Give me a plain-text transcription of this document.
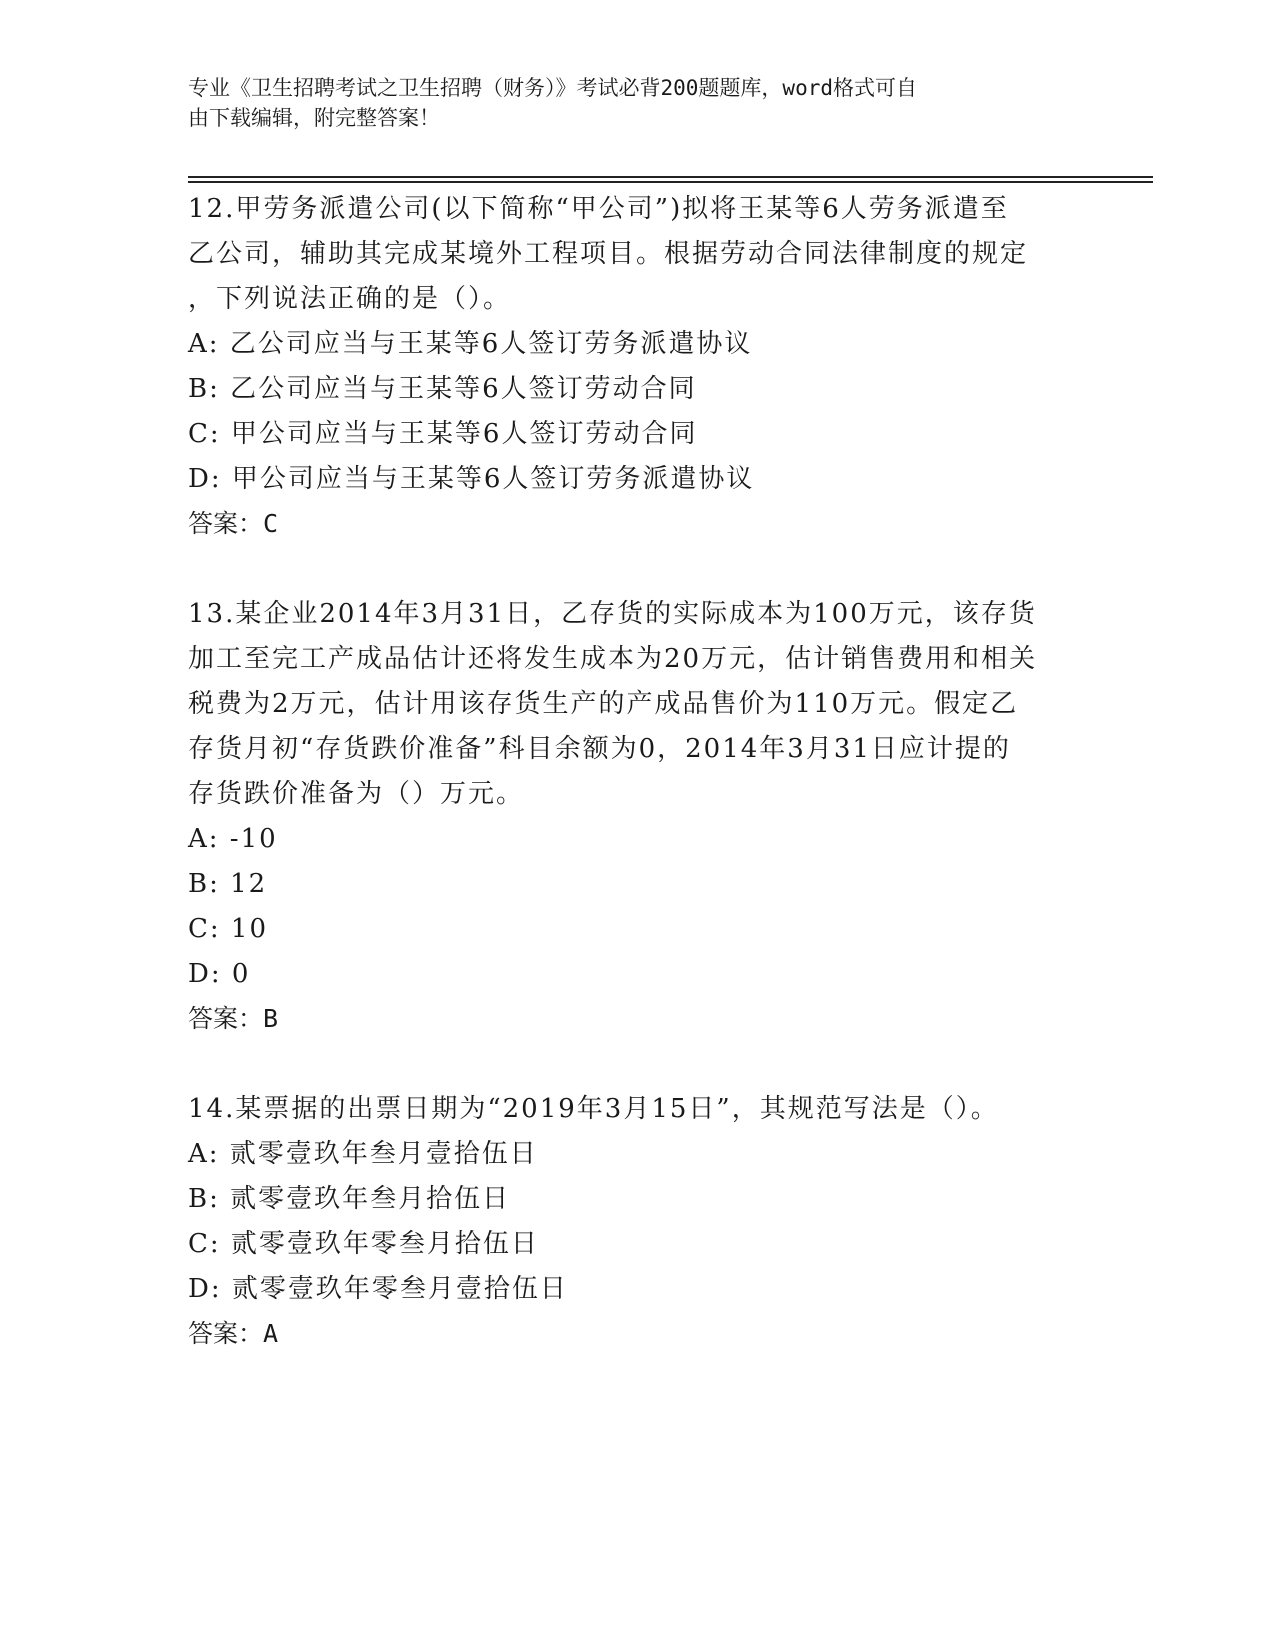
专业《卫生招聘考试之卫生招聘（财务）》考试必背200题题库，word格式可自
由下载编辑，附完整答案！
12.甲劳务派遣公司(以下简称“甲公司”)拟将王某等6人劳务派遣至
乙公司，辅助其完成某境外工程项目。根据劳动合同法律制度的规定
，下列说法正确的是（）。
A: 乙公司应当与王某等6人签订劳务派遣协议
B: 乙公司应当与王某等6人签订劳动合同
C: 甲公司应当与王某等6人签订劳动合同
D: 甲公司应当与王某等6人签订劳务派遣协议
答案：C
13.某企业2014年3月31日，乙存货的实际成本为100万元，该存货
加工至完工产成品估计还将发生成本为20万元，估计销售费用和相关
税费为2万元，估计用该存货生产的产成品售价为110万元。假定乙
存货月初“存货跌价准备”科目余额为0，2014年3月31日应计提的
存货跌价准备为（）万元。
A: -10
B: 12
C: 10
D: 0
答案：B
14.某票据的出票日期为“2019年3月15日”，其规范写法是（）。
A: 贰零壹玖年叁月壹拾伍日
B: 贰零壹玖年叁月拾伍日
C: 贰零壹玖年零叁月拾伍日
D: 贰零壹玖年零叁月壹拾伍日
答案：A
